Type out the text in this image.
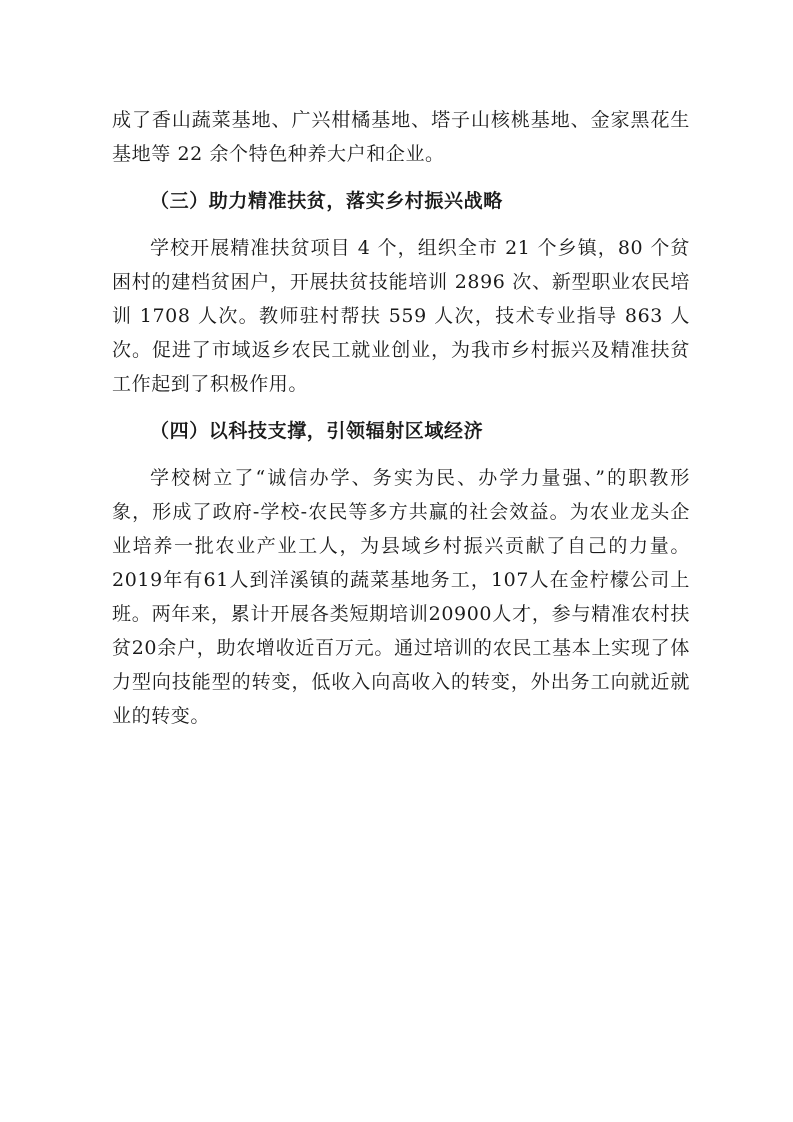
成了香山蔬菜基地、广兴柑橘基地、塔子山核桃基地、金家黑花生基地等 22 余个特色种养大户和企业。

（三）助力精准扶贫，落实乡村振兴战略

学校开展精准扶贫项目 4 个，组织全市 21 个乡镇，80 个贫困村的建档贫困户，开展扶贫技能培训 2896 次、新型职业农民培训 1708 人次。教师驻村帮扶 559 人次，技术专业指导 863 人次。促进了市域返乡农民工就业创业，为我市乡村振兴及精准扶贫工作起到了积极作用。

（四）以科技支撑，引领辐射区域经济

学校树立了“诚信办学、务实为民、办学力量强、”的职教形象，形成了政府-学校-农民等多方共赢的社会效益。为农业龙头企业培养一批农业产业工人，为县域乡村振兴贡献了自己的力量。2019年有61人到洋溪镇的蔬菜基地务工，107人在金柠檬公司上班。两年来，累计开展各类短期培训20900人才，参与精准农村扶贫20余户，助农增收近百万元。通过培训的农民工基本上实现了体力型向技能型的转变，低收入向高收入的转变，外出务工向就近就业的转变。
